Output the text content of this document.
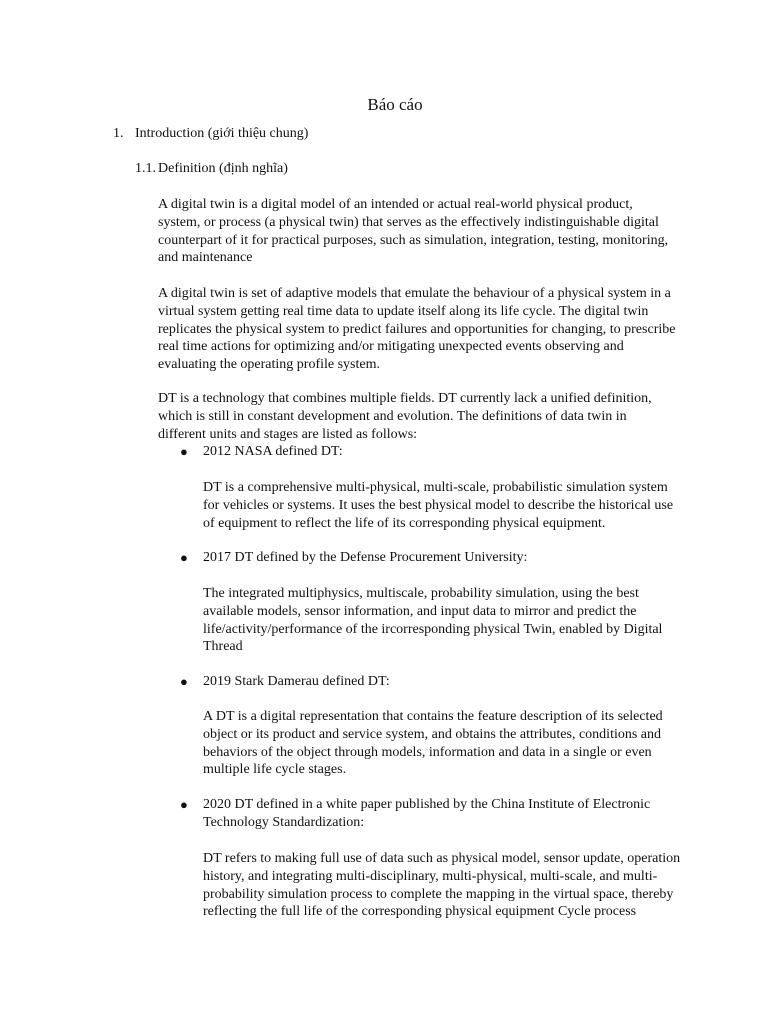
Báo cáo
1. Introduction (giới thiệu chung)
1.1. Definition (định nghĩa)

A digital twin is a digital model of an intended or actual real-world physical product, system, or process (a physical twin) that serves as the effectively indistinguishable digital counterpart of it for practical purposes, such as simulation, integration, testing, monitoring, and maintenance

A digital twin is set of adaptive models that emulate the behaviour of a physical system in a virtual system getting real time data to update itself along its life cycle. The digital twin replicates the physical system to predict failures and opportunities for changing, to prescribe real time actions for optimizing and/or mitigating unexpected events observing and evaluating the operating profile system.

DT is a technology that combines multiple fields. DT currently lack a unified definition, which is still in constant development and evolution. The definitions of data twin in different units and stages are listed as follows:

● 2012 NASA defined DT:

DT is a comprehensive multi-physical, multi-scale, probabilistic simulation system for vehicles or systems. It uses the best physical model to describe the historical use of equipment to reflect the life of its corresponding physical equipment.

● 2017 DT defined by the Defense Procurement University:

The integrated multiphysics, multiscale, probability simulation, using the best available models, sensor information, and input data to mirror and predict the life/activity/performance of the ircorresponding physical Twin, enabled by Digital Thread

● 2019 Stark Damerau defined DT:

A DT is a digital representation that contains the feature description of its selected object or its product and service system, and obtains the attributes, conditions and behaviors of the object through models, information and data in a single or even multiple life cycle stages.

● 2020 DT defined in a white paper published by the China Institute of Electronic Technology Standardization:

DT refers to making full use of data such as physical model, sensor update, operation history, and integrating multi-disciplinary, multi-physical, multi-scale, and multi-probability simulation process to complete the mapping in the virtual space, thereby reflecting the full life of the corresponding physical equipment Cycle process
